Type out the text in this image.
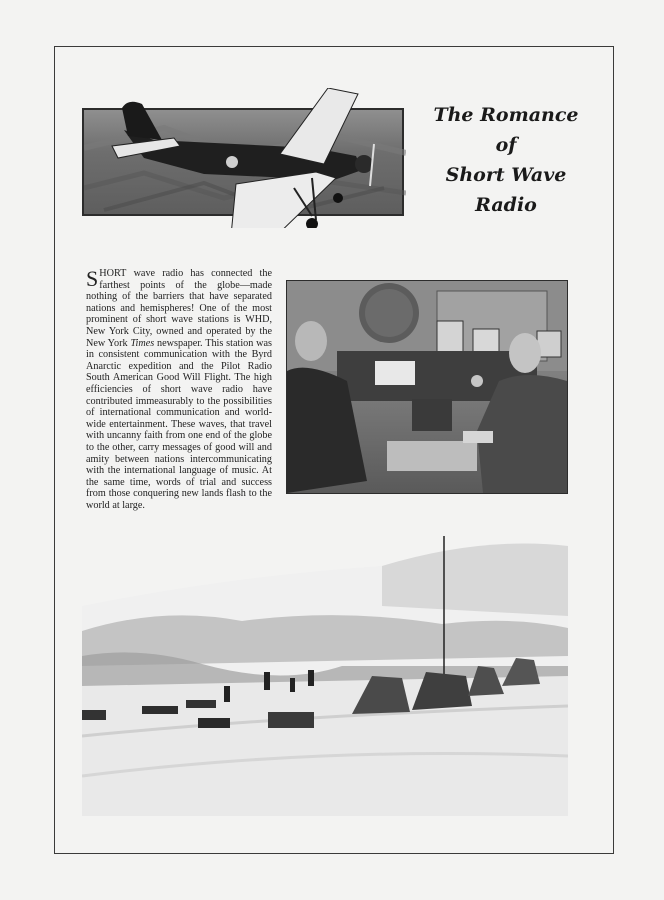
The Romance
of
Short Wave
Radio
SHORT wave radio has connected the farthest points of the globe—made nothing of the barriers that have separated nations and hemispheres! One of the most prominent of short wave stations is WHD, New York City, owned and operated by the New York Times newspaper. This station was in consistent communication with the Byrd Anarctic expedition and the Pilot Radio South American Good Will Flight. The high efficiencies of short wave radio have contributed immeasurably to the possibilities of international communication and world-wide entertainment. These waves, that travel with uncanny faith from one end of the globe to the other, carry messages of good will and amity between nations intercommunicating with the international language of music. At the same time, words of trial and success from those conquering new lands flash to the world at large.
